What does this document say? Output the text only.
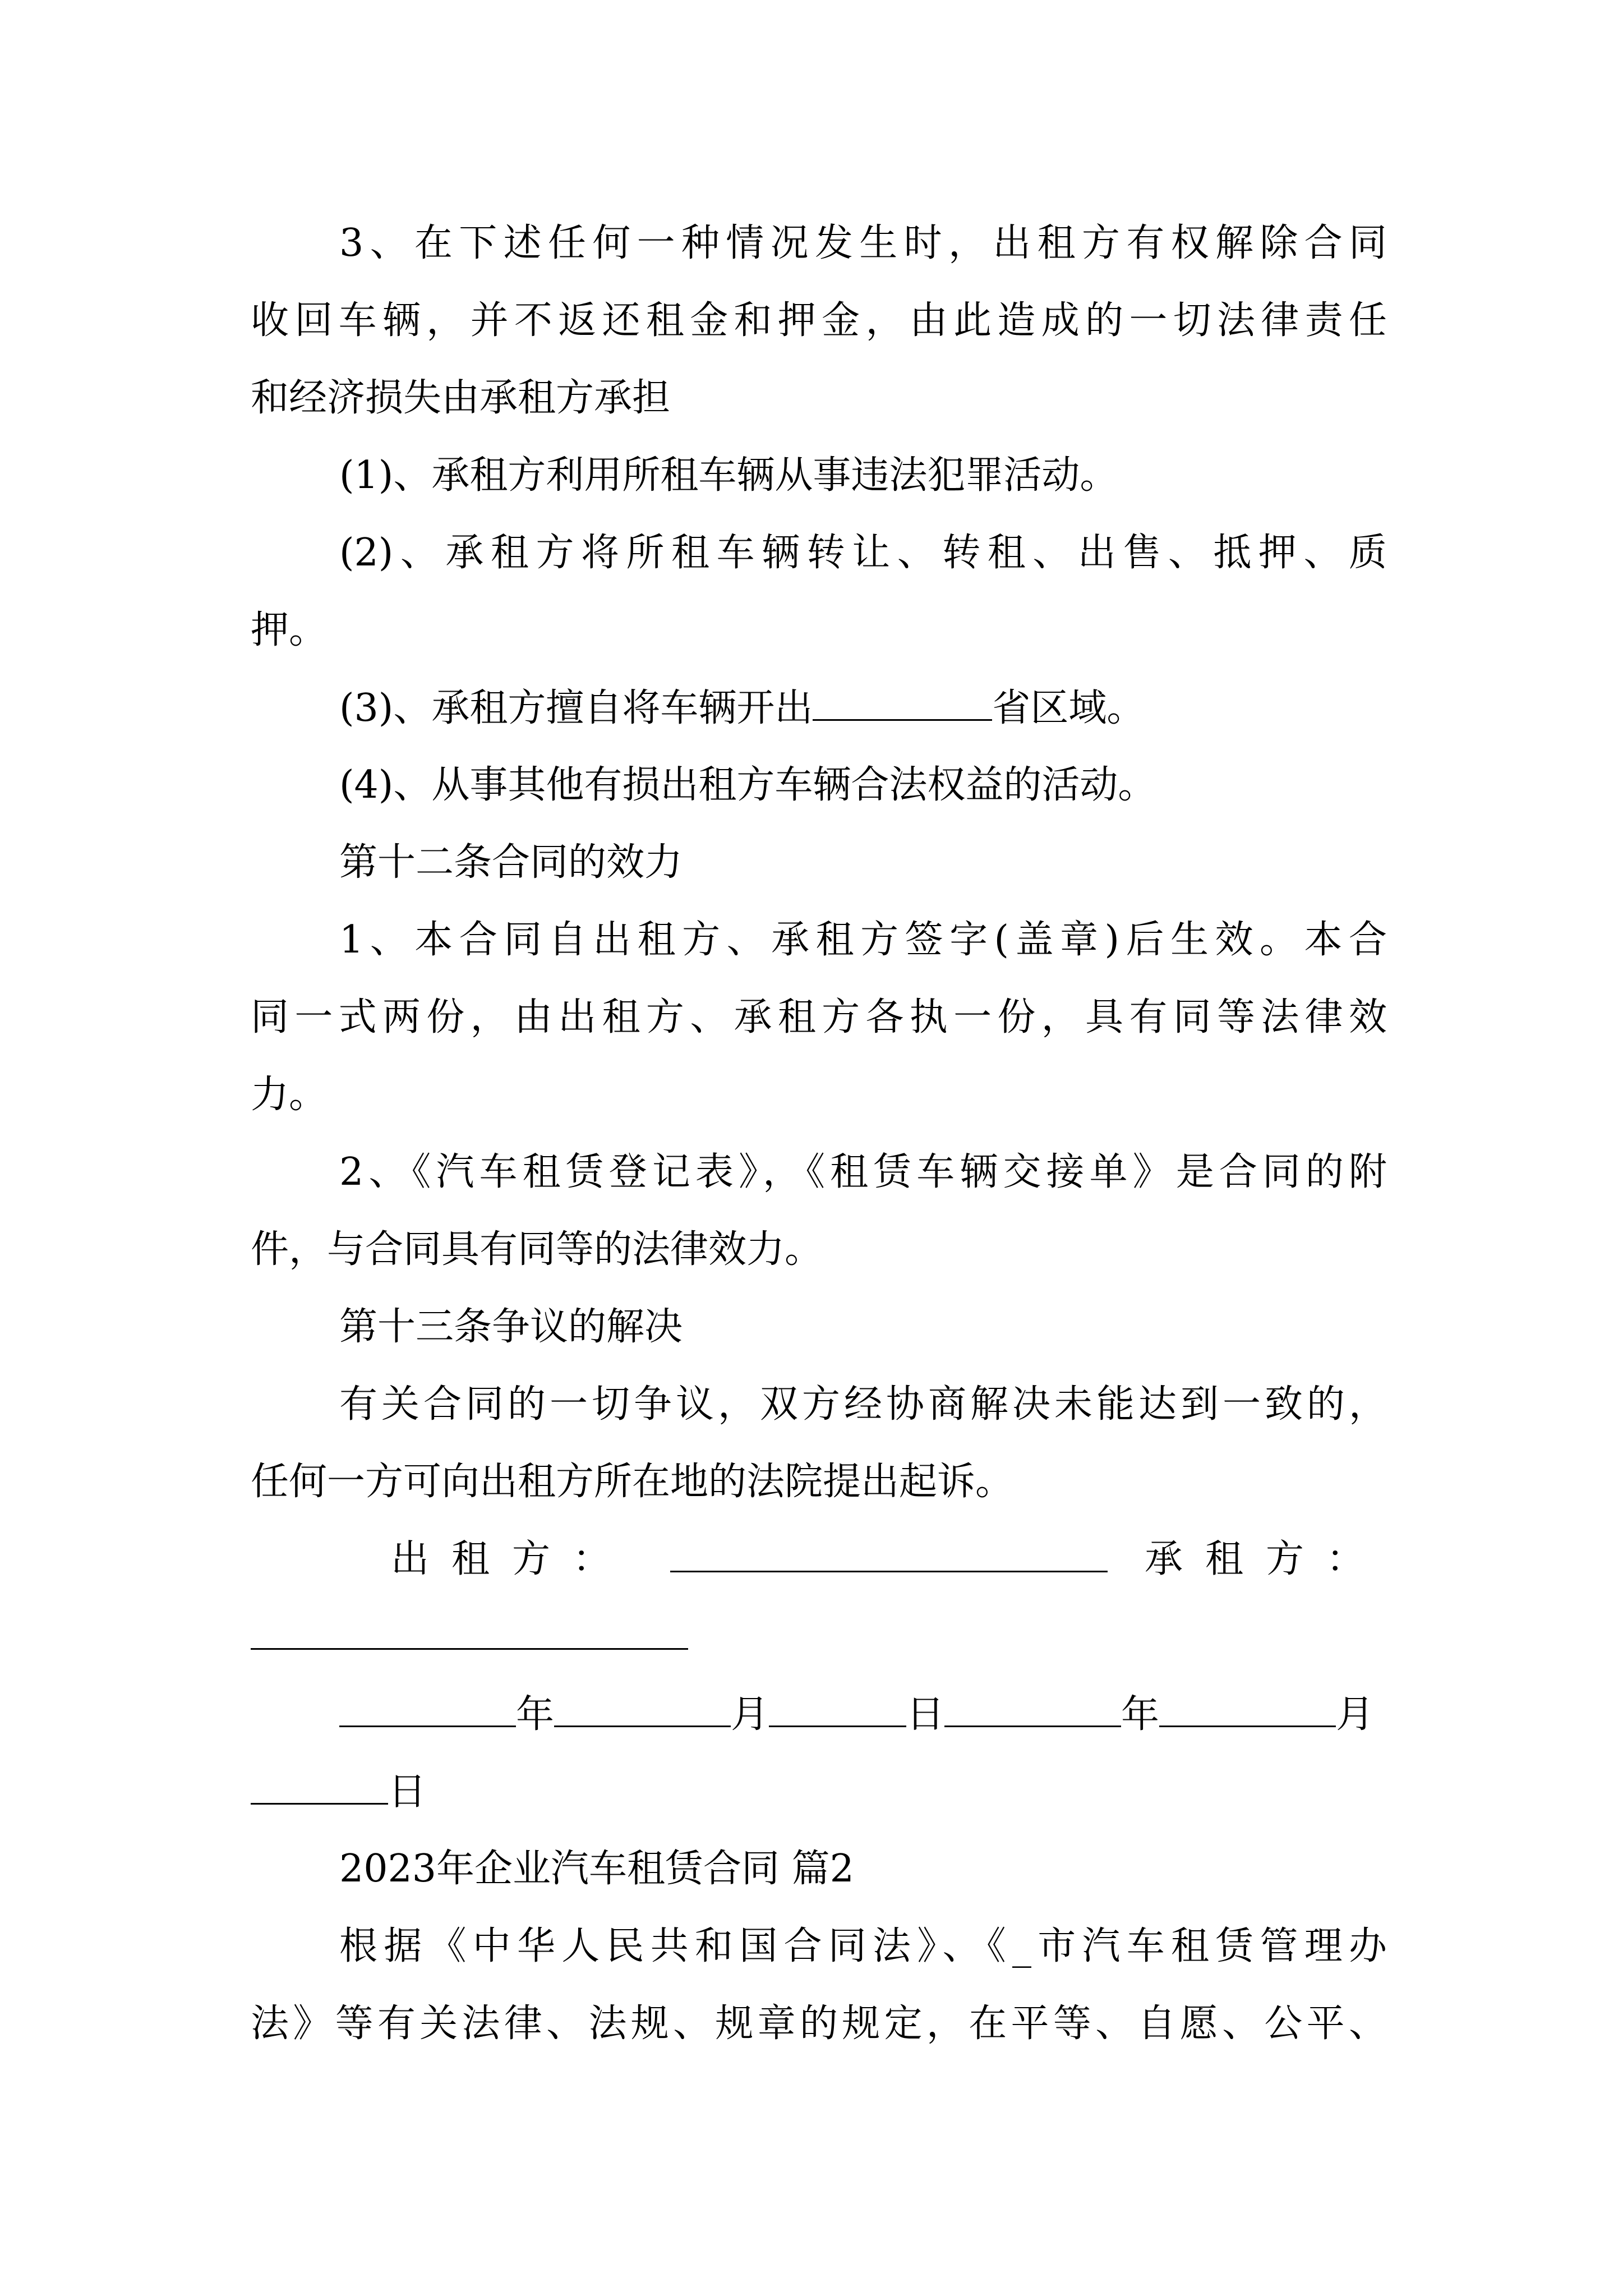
3、在下述任何一种情况发生时，出租方有权解除合同
收回车辆，并不返还租金和押金，由此造成的一切法律责任
和经济损失由承租方承担
(1)、承租方利用所租车辆从事违法犯罪活动。
(2)、承租方将所租车辆转让、转租、出售、抵押、质
押。
(3)、承租方擅自将车辆开出	省区域。
(4)、从事其他有损出租方车辆合法权益的活动。
第十二条合同的效力
1、本合同自出租方、承租方签字(盖章)后生效。本合
同一式两份，由出租方、承租方各执一份，具有同等法律效
力。
2、《汽车租赁登记表》，《租赁车辆交接单》是合同的附
件，与合同具有同等的法律效力。
第十三条争议的解决
有关合同的一切争议，双方经协商解决未能达到一致的，
任何一方可向出租方所在地的法院提出起诉。
出租方：	承租方：
年	月	日	年	月
日
2023年企业汽车租赁合同 篇2
根据《中华人民共和国合同法》、《_市汽车租赁管理办
法》等有关法律、法规、规章的规定，在平等、自愿、公平、
